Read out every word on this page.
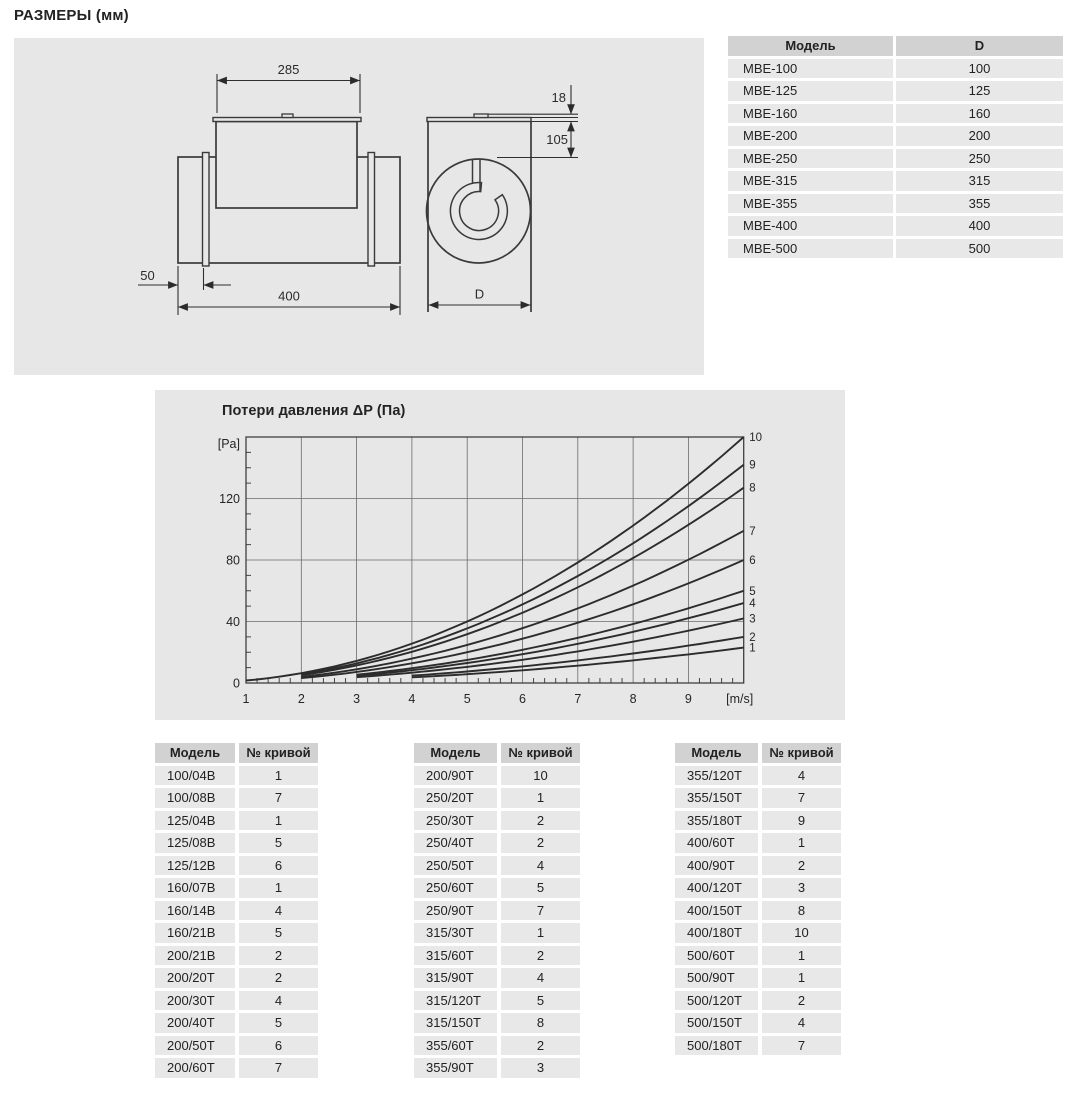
РАЗМЕРЫ (мм)
285
50
400
18
105
D
Модель	D
MBE-100	100
MBE-125	125
MBE-160	160
MBE-200	200
MBE-250	250
MBE-315	315
MBE-355	355
MBE-400	400
MBE-500	500
Потери давления ΔP (Па)
1
2
3
4
5
6
7
8
9
10
1	2	3	4	5	6	7	8	9	[m/s]
0
40
80
120
[Pa]
Модель	№ кривой
100/04B	1
100/08B	7
125/04B	1
125/08B	5
125/12B	6
160/07B	1
160/14B	4
160/21B	5
200/21B	2
200/20T	2
200/30T	4
200/40T	5
200/50T	6
200/60T	7
Модель	№ кривой
200/90T	10
250/20T	1
250/30T	2
250/40T	2
250/50T	4
250/60T	5
250/90T	7
315/30T	1
315/60T	2
315/90T	4
315/120T	5
315/150T	8
355/60T	2
355/90T	3
Модель	№ кривой
355/120T	4
355/150T	7
355/180T	9
400/60T	1
400/90T	2
400/120T	3
400/150T	8
400/180T	10
500/60T	1
500/90T	1
500/120T	2
500/150T	4
500/180T	7
